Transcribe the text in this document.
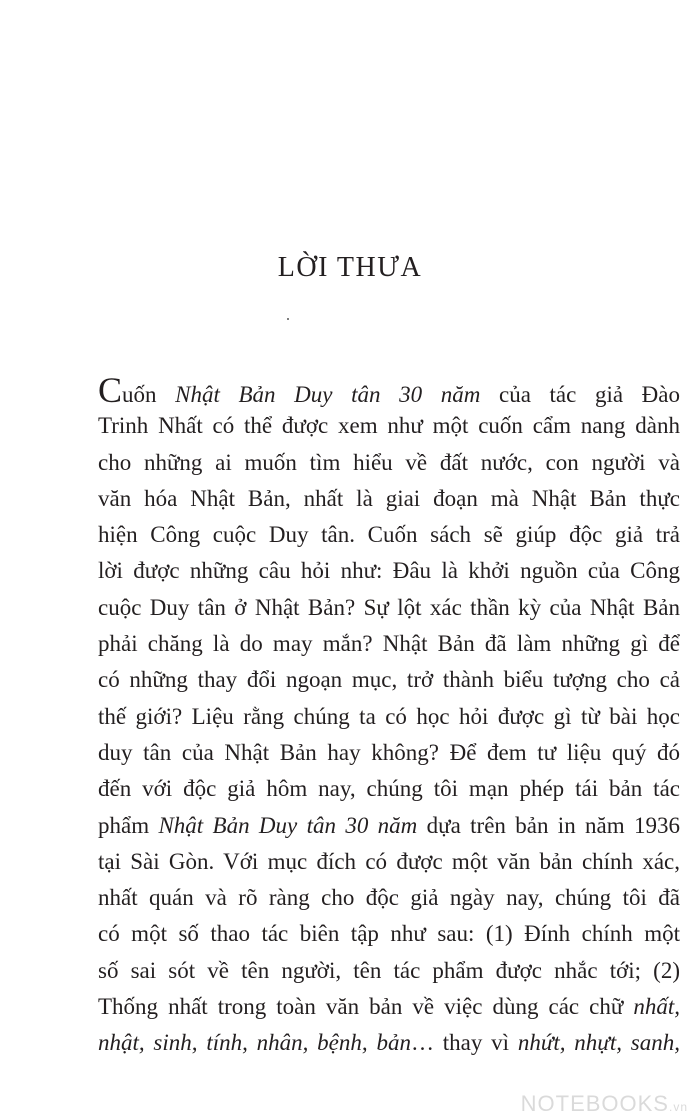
LỜI THƯA
Cuốn Nhật Bản Duy tân 30 năm của tác giả Đào
Trinh Nhất có thể được xem như một cuốn cẩm nang dành
cho những ai muốn tìm hiểu về đất nước, con người và
văn hóa Nhật Bản, nhất là giai đoạn mà Nhật Bản thực
hiện Công cuộc Duy tân. Cuốn sách sẽ giúp độc giả trả
lời được những câu hỏi như: Đâu là khởi nguồn của Công
cuộc Duy tân ở Nhật Bản? Sự lột xác thần kỳ của Nhật Bản
phải chăng là do may mắn? Nhật Bản đã làm những gì để
có những thay đổi ngoạn mục, trở thành biểu tượng cho cả
thế giới? Liệu rằng chúng ta có học hỏi được gì từ bài học
duy tân của Nhật Bản hay không? Để đem tư liệu quý đó
đến với độc giả hôm nay, chúng tôi mạn phép tái bản tác
phẩm Nhật Bản Duy tân 30 năm dựa trên bản in năm 1936
tại Sài Gòn. Với mục đích có được một văn bản chính xác,
nhất quán và rõ ràng cho độc giả ngày nay, chúng tôi đã
có một số thao tác biên tập như sau: (1) Đính chính một
số sai sót về tên người, tên tác phẩm được nhắc tới; (2)
Thống nhất trong toàn văn bản về việc dùng các chữ nhất,
nhật, sinh, tính, nhân, bệnh, bản… thay vì nhứt, nhựt, sanh,
NOTEBOOKS.vn
